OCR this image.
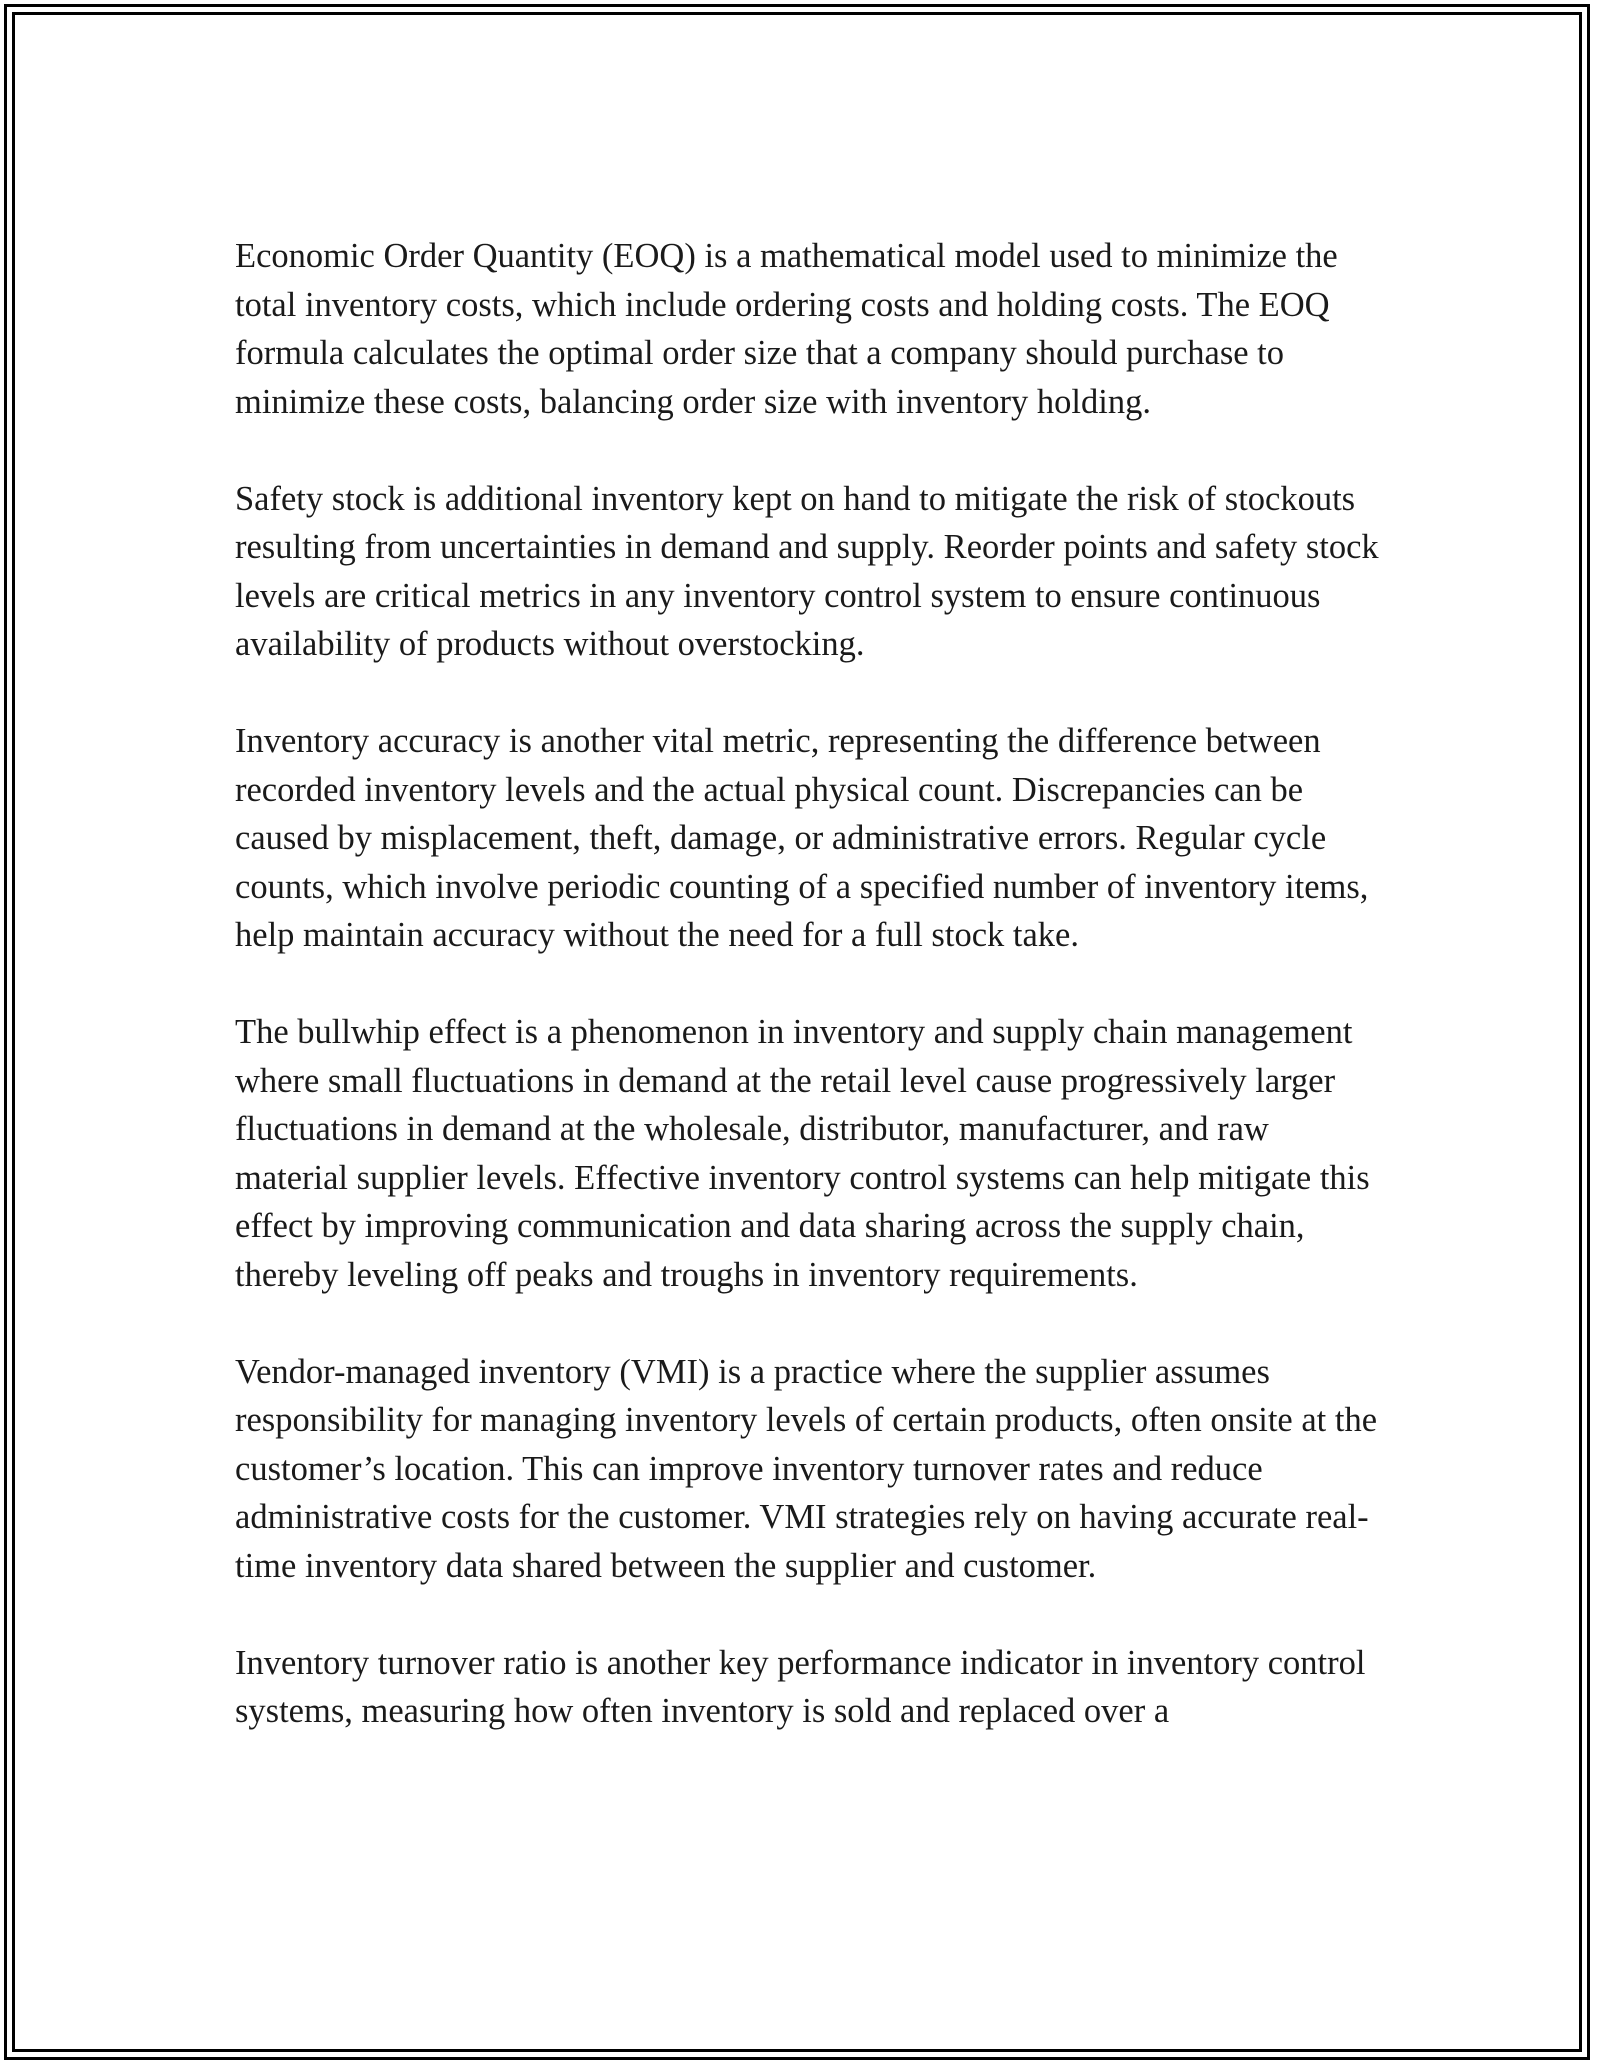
Economic Order Quantity (EOQ) is a mathematical model used to minimize the total inventory costs, which include ordering costs and holding costs. The EOQ formula calculates the optimal order size that a company should purchase to minimize these costs, balancing order size with inventory holding.

Safety stock is additional inventory kept on hand to mitigate the risk of stockouts resulting from uncertainties in demand and supply. Reorder points and safety stock levels are critical metrics in any inventory control system to ensure continuous availability of products without overstocking.

Inventory accuracy is another vital metric, representing the difference between recorded inventory levels and the actual physical count. Discrepancies can be caused by misplacement, theft, damage, or administrative errors. Regular cycle counts, which involve periodic counting of a specified number of inventory items, help maintain accuracy without the need for a full stock take.

The bullwhip effect is a phenomenon in inventory and supply chain management where small fluctuations in demand at the retail level cause progressively larger fluctuations in demand at the wholesale, distributor, manufacturer, and raw material supplier levels. Effective inventory control systems can help mitigate this effect by improving communication and data sharing across the supply chain, thereby leveling off peaks and troughs in inventory requirements.

Vendor-managed inventory (VMI) is a practice where the supplier assumes responsibility for managing inventory levels of certain products, often onsite at the customer’s location. This can improve inventory turnover rates and reduce administrative costs for the customer. VMI strategies rely on having accurate real-time inventory data shared between the supplier and customer.

Inventory turnover ratio is another key performance indicator in inventory control systems, measuring how often inventory is sold and replaced over a
